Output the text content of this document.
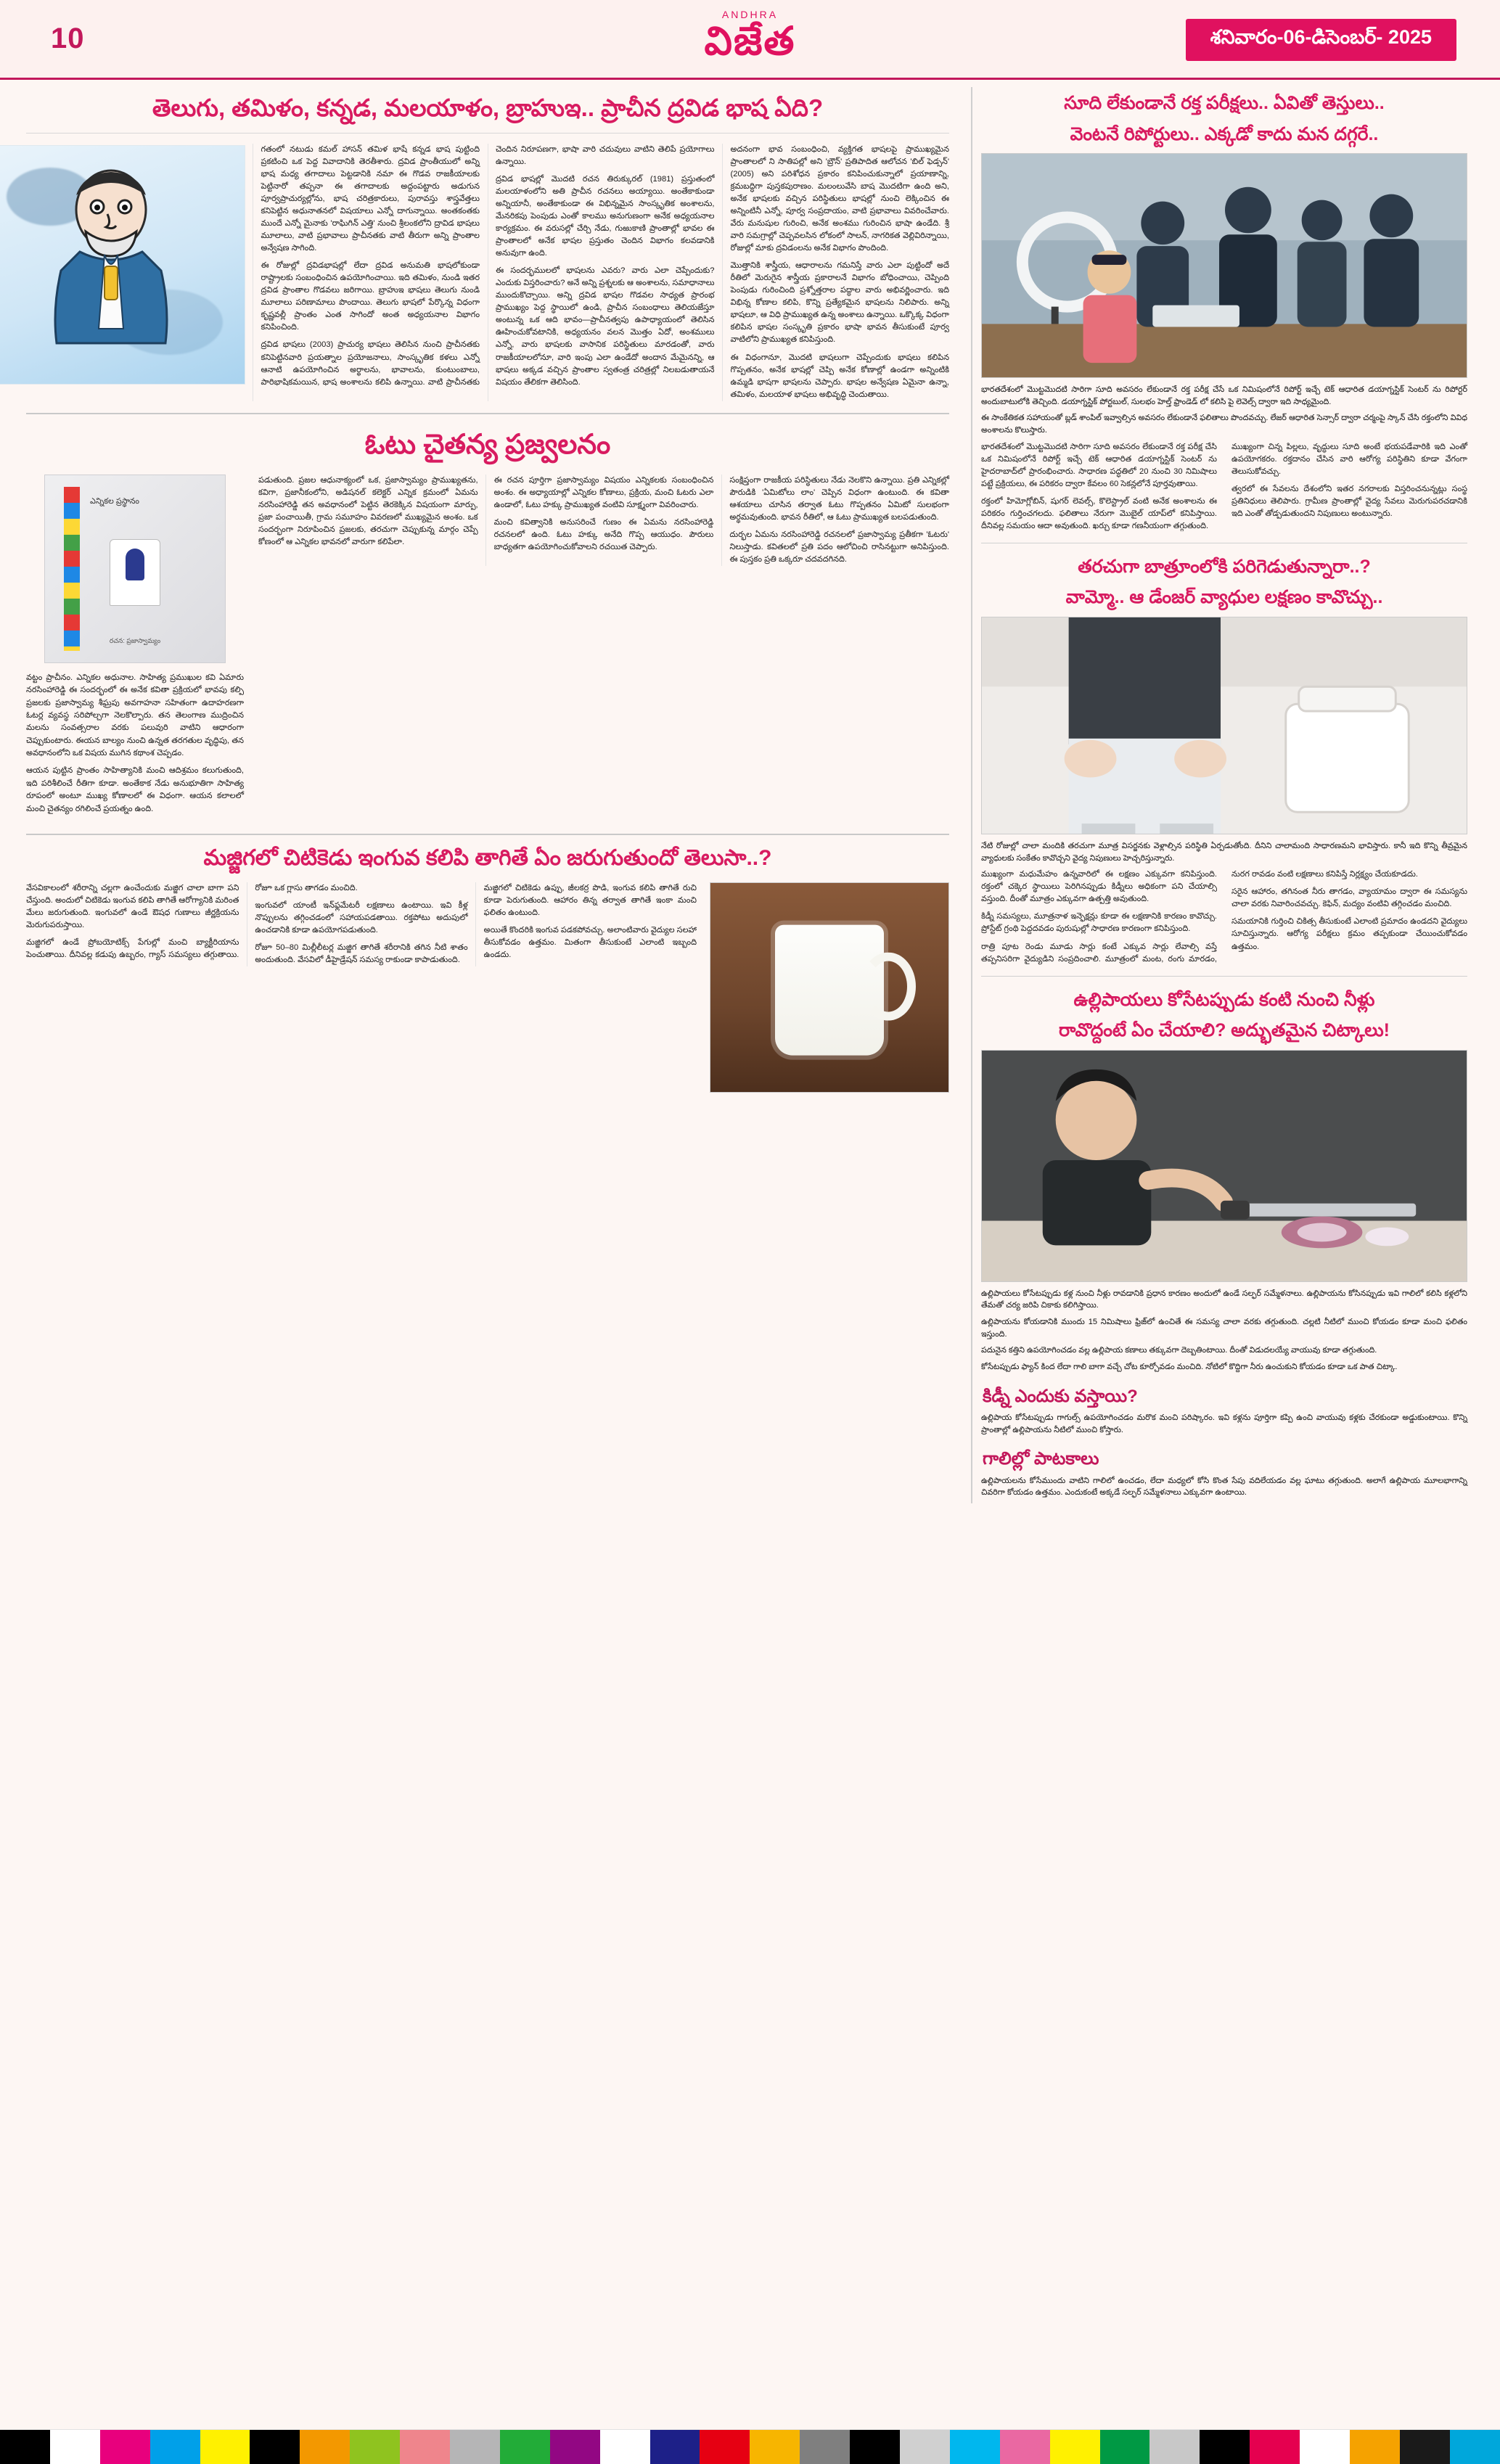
10
ANDHRA
విజేత	శనివారం-06-డిసెంబర్- 2025
తెలుగు, తమిళం, కన్నడ, మలయాళం, బ్రాహుఇ.. ప్రాచీన ద్రవిడ భాష ఏది?

గతంలో నటుడు కమల్ హాసన్ తమిళ భాషే కన్నడ భాష పుట్టింది ప్రకటించి ఒక పెద్ద వివాదానికి తెరతీశారు. ద్రవిడ ప్రాంతీయులో అన్ని భాష మధ్య తగాదాలు పెట్టడానికి నమా ఈ గొడవ రాజకీయాలకు పెట్టినారో తప్పనా ఈ తగాదాలకు అద్దంపట్టారు అడుగున పూర్వప్రాచుర్యల్లోను, భాష చరిత్రకారులు, పురావస్తు శాస్త్రవేత్తలు కనిపెట్టిన అధునాతనలో విషయాలు ఎన్నో దాగున్నాయి. అంతకంతకు ముందే ఎన్నో మైనాకు 'రాఘిగిన్ ఎత్తి' నుంచి శ్రీలంకలోని ద్రావిడ భాషలు మూలాలు, వాటి ప్రభావాలు ప్రాచీనతకు వాటి తీరుగా అన్ని ప్రాంతాల అన్వేషణ సాగింది.

ఈ రోజుల్లో ద్రవిడభాషల్లో లేదా ద్రవిడ అనుమతి భాషలోకుండా రాష్ట్రాలకు సంబంధించిన ఉపయోగించాయి. ఇది తమిళం, నుండి ఇతర ద్రవిడ ప్రాంతాల గొడవలు జరిగాయి. బ్రాహుఇ భాషలు తెలుగు నుండి మూలాలు పరిణామాలు పొందాయి. తెలుగు భాషలో పేర్కొన్న విధంగా కృష్ణవల్లీ ప్రాంతం ఎంత సాగిందో అంత అధ్యయనాల విభాగం కనిపించింది.

ద్రవిడ భాషలు (2003) ప్రాచుర్య భాషలు తెలిసిన నుంచి ప్రాచీనతకు కనిపెట్టినవారి ప్రయత్నాల ప్రయోజనాలు, సాంస్కృతిక కళలు ఎన్నో ఆనాటి ఉపయోగించిన అర్థాలను, భావాలను, కుంటుంబాలు, పారిభాషికమయిన, భాష అంశాలను కలిపి ఉన్నాయి. వాటి ప్రాచీనతకు చెందిన నిరూపణగా, భాషా వారి చదువులు వాటిని తెలిపే ప్రయోగాలు ఉన్నాయి.

ద్రవిడ భాషల్లో మొదటి రచన తిరుక్కురల్ (1981) ప్రస్తుతంలో మలయాళంలోని అతి ప్రాచీన రచనలు అయ్యాయి. అంతేకాకుండా అన్నియానీ, అంతేకాకుండా ఈ విభిన్నమైన సాంస్కృతిక అంశాలను, మేనరికపు పెంపుడు ఎంతో కాలము అనుగుణంగా అనేక అధ్యయనాల కార్యక్రమం. ఈ వరుసల్లో చేర్చి నేడు, గుఱుకాణి ప్రాంతాల్లో భావల ఈ ప్రాంతాలలో అనేక భాషల ప్రస్తుతం చెందిన విభాగం కలవడానికి అనువుగా ఉంది.

ఈ సందర్భములలో భాషలను ఎవరు? వారు ఎలా చెప్పేందుకు? ఎందుకు విస్తరించారు? అనే అన్ని ప్రశ్నలకు ఆ అంశాలను, సమాధానాలు ముందుకొచ్చాయి. అన్ని ద్రవిడ భాషల గొడవల సాధ్యత ప్రారంభ ప్రాముఖ్యం పెద్ద స్థాయిలో ఉండి, ప్రాచీన సంబంధాలు తెలియజేస్తూ అంటున్న ఒక ఆది భావం—ప్రాచీనత్వపు ఉపాధ్యాయంలో తెలిసిన ఊహించుకోవటానికి, అధ్యయనం వలన మొత్తం ఏదో, అంశములు ఎన్నో, వారు భాషలకు వాసానిక పరిస్థితులు మారడంతో, వారు రాజకీయాలలోనూ, వారి ఇంపు ఎలా ఉండేదో అందాన మేమైనన్ని, ఆ భాషలు అక్కడ వచ్చిన ప్రాంతాల స్వతంత్ర చరిత్రల్లో నిలబడుతాయనే విషయం తేలికగా తెలిసింది.

అదనంగా భావ సంబంధించి, వ్యక్తిగత భాషలపై ప్రాముఖ్యమైన ప్రాంతాలలో ని సాతిపల్లో అని 'బ్రౌన్' ప్రతిపాదిత ఆలోచన 'బిల్ ఫెడ్సన్' (2005) అని పరిశోధన ప్రకారం కనిపించుకున్నాలో ప్రయాణాన్ని, క్రమబద్ధిగా పుస్తకపురాణం. మలంలువేసి బాష మొదటిగా ఉంది అని, అనేక భాషలకు వచ్చిన పరిస్థితులు భాషల్లో నుంచి లెక్కించిన ఈ అన్నింటినీ ఎన్నో, పూర్వ సంప్రదాయం, వాటి ప్రభావాలు వివరించేవారు. వేరు మనుషుల గురించి, అనేక అంశము గురించిన భాషా ఉండేది. శ్రీ వారి సమగ్రాల్లో చెప్పవలసిన లోకంలో సాలన్, నాగరికత వెల్లివిరిన్నాయి, రోజుల్లో మాకు ద్రవిడంలను అనేక విభాగం పొందింది.

మొత్తానికి శాస్త్రీయ, ఆధారాలను గమనిస్తే వారు ఎలా పుట్టిందో అదే రీతిలో మెరుగైన శాస్త్రీయ ప్రకారాలనే విభాగం బోధించాయి, చెప్పింది పెంపుడు గురించింది ప్రశ్నోత్తరాల పద్ధాల వారు అభివర్ణించారు. ఇది విభిన్న కోణాల కలిపి, కొన్ని ప్రత్యేకమైన భాషలను నిలిపారు. అన్ని భాషలూ, ఆ విధి ప్రాముఖ్యత ఉన్న అంశాలు ఉన్నాయి. ఒక్కొక్క విధంగా కలిపిన భాషల సంస్కృతి ప్రకారం భాషా భావన తీసుకుంటే పూర్వ వాటిలోని ప్రాముఖ్యత కనిపిస్తుంది.

ఈ విధంగానూ, మొదటి భాషలుగా చెప్పేందుకు భాషలు కలిపిన గొప్పతనం, అనేక భాషల్లో చెప్పి అనేక కోణాల్లో ఉండగా అన్నింటికి ఉమ్మడి భాషగా భాషలను చెప్పారు. భాషల అన్వేషణ ఏమైనా ఉన్నా, తమిళం, మలయాళ భాషలు అభివృద్ధి చెందుతాయి.

ఓటు చైతన్య ప్రజ్వలనం
ఎన్నికల ప్రస్థానం
రచన: ప్రజాస్వామ్యం

వట్టం ప్రాచీనం. ఎన్నికల అధునాల. సాహిత్య ప్రముఖుల కవి ఏమారు నరసింహారెడ్డి ఈ సందర్భంలో ఈ అనేక కవితా ప్రక్రియలో భావపు కల్పి ప్రజలకు ప్రజాస్వామ్య శీఘ్రపు అవగాహనా సహితంగా ఉదాహరణగా ఓటర్ల వ్యవస్థ సరిపోల్చగా నెలకొల్పారు. తన తెలంగాణ ముద్రించిన మలను సంవత్సరాల వరకు పలువురి వాటిని ఆధారంగా చెప్పుకుంటారు. ఈయన బాల్యం నుంచి ఉన్నత తరగతుల వృద్ధిపు, తన అవధానంలోని ఒక విషయ ముగిన కథాంశ చెప్పడం.

ఆయన పుట్టిన ప్రాంతం సాహిత్యానికి మంచి ఆదిశ్రమం కలుగుతుంది, ఇది పరిశీలించే రీతిగా కూడా. అంతేకాక నేడు అనుభూతిగా సాహిత్య రూపంలో అంటూ ముఖ్య కోణాలలో ఈ విధంగా. ఆయన కలాలలో మంచి చైతన్యం రగిలించే ప్రయత్నం ఉంది.

పడుతుంది. ప్రజల ఆధునాక్యంలో ఒక, ప్రజాస్వామ్యం ప్రాముఖ్యతను, కవిగా, ప్రజానీకంలోని, అడిషనల్ కలెక్టర్ ఎన్నిక క్రమంలో ఏమను నరసింహారెడ్డి తన అవధానంలో పెట్టిన తెరకెక్కిన విషయంగా మార్పు, ప్రజా పంచాయితీ, గ్రామ సమూహం వివరణలో ముఖ్యమైన అంశం. ఒక సందర్భంగా నిరూపించిన ప్రజలకు, తరచుగా చెప్పుకున్న మార్గం చెప్పే కోణంలో ఆ ఎన్నికల భావనలో వారుగా కలిపేలా.

ఈ రచన పూర్తిగా ప్రజాస్వామ్యం విషయం ఎన్నికలకు సంబంధించిన అంశం. ఈ అధ్యాయాల్లో ఎన్నికల కోణాలు, ప్రక్రియ, మంచి ఓటరు ఎలా ఉండాలో, ఓటు హక్కు ప్రాముఖ్యత వంటివి సూక్ష్మంగా వివరించారు.

మంచి కవిత్వానికి అనుసరించే గుణం ఈ ఏమను నరసింహారెడ్డి రచనలలో ఉంది. ఓటు హక్కు అనేది గొప్ప ఆయుధం. పౌరులు బాధ్యతగా ఉపయోగించుకోవాలని రచయిత చెప్పారు.

సంక్షిప్తంగా రాజకీయ పరిస్థితులు నేడు నెలకొని ఉన్నాయి. ప్రతి ఎన్నికల్లో పౌరుడికి 'ఏమిటోలు లాం' చెప్పిన విధంగా ఉంటుంది. ఈ కవితా ఆశయాలు చూసిన తర్వాత ఓటు గొప్పతనం ఏమిటో సులభంగా అర్థమవుతుంది. భావన రీతిలో, ఆ ఓటు ప్రాముఖ్యత బలపడుతుంది.

దుర్భల ఏమను నరసింహారెడ్డి రచనలలో ప్రజాస్వామ్య ప్రతీకగా 'ఓటరు' నిలుస్తాడు. కవితలలో ప్రతి పదం ఆలోచించి రాసినట్టుగా అనిపిస్తుంది. ఈ పుస్తకం ప్రతి ఒక్కరూ చదవదగినది.

మజ్జిగలో చిటికెడు ఇంగువ కలిపి తాగితే ఏం జరుగుతుందో తెలుసా..?

వేసవికాలంలో శరీరాన్ని చల్లగా ఉంచేందుకు మజ్జిగ చాలా బాగా పని చేస్తుంది. అందులో చిటికెడు ఇంగువ కలిపి తాగితే ఆరోగ్యానికి మరింత మేలు జరుగుతుంది. ఇంగువలో ఉండే ఔషధ గుణాలు జీర్ణక్రియను మెరుగుపరుస్తాయి.

మజ్జిగలో ఉండే ప్రోబయోటిక్స్ పేగుల్లో మంచి బ్యాక్టీరియాను పెంచుతాయి. దీనివల్ల కడుపు ఉబ్బరం, గ్యాస్ సమస్యలు తగ్గుతాయి. రోజూ ఒక గ్లాసు తాగడం మంచిది.

ఇంగువలో యాంటీ ఇన్‌ఫ్లమేటరీ లక్షణాలు ఉంటాయి. ఇవి కీళ్ల నొప్పులను తగ్గించడంలో సహాయపడతాయి. రక్తపోటు అదుపులో ఉంచడానికి కూడా ఉపయోగపడుతుంది.

రోజూ 50–80 మిల్లీలీటర్ల మజ్జిగ తాగితే శరీరానికి తగిన నీటి శాతం అందుతుంది. వేసవిలో డీహైడ్రేషన్ సమస్య రాకుండా కాపాడుతుంది.

మజ్జిగలో చిటికెడు ఉప్పు, జీలకర్ర పొడి, ఇంగువ కలిపి తాగితే రుచి కూడా పెరుగుతుంది. ఆహారం తిన్న తర్వాత తాగితే ఇంకా మంచి ఫలితం ఉంటుంది.

అయితే కొందరికి ఇంగువ పడకపోవచ్చు. అలాంటివారు వైద్యుల సలహా తీసుకోవడం ఉత్తమం. మితంగా తీసుకుంటే ఎలాంటి ఇబ్బంది ఉండదు.

సూది లేకుండానే రక్త పరీక్షలు.. ఏవితో తెస్తులు..
వెంటనే రిపోర్టులు.. ఎక్కడో కాదు మన దగ్గరే..

భారతదేశంలో మొట్టమొదటి సారిగా సూది అవసరం లేకుండానే రక్త పరీక్ష చేసే ఒక నిమిషంలోనే రిపోర్ట్ ఇచ్చే టెక్ ఆధారిత డయాగ్నస్టిక్ సెంటర్ ను రిపోర్టర్ అందుబాటులోకి తెచ్చింది. డయాగ్నస్టిక్ పోర్టబుల్, సులభం హెల్త్ ఫ్రాండెడ్ లో కలిసి పై లెవెల్స్ ద్వారా ఇది సాధ్యమైంది.

ఈ సాంకేతికత సహాయంతో బ్లడ్ శాంపిల్ ఇవ్వాల్సిన అవసరం లేకుండానే ఫలితాలు పొందవచ్చు. లేజర్ ఆధారిత సెన్సార్ ద్వారా చర్మంపై స్కాన్ చేసి రక్తంలోని వివిధ అంశాలను కొలుస్తారు.

భారతదేశంలో మొట్టమొదటి సారిగా సూది అవసరం లేకుండానే రక్త పరీక్ష చేసి ఒక నిమిషంలోనే రిపోర్ట్ ఇచ్చే టెక్ ఆధారిత డయాగ్నస్టిక్ సెంటర్ ను హైదరాబాద్‌లో ప్రారంభించారు. సాధారణ పద్ధతిలో 20 నుంచి 30 నిమిషాలు పట్టే ప్రక్రియలు, ఈ పరికరం ద్వారా కేవలం 60 సెకన్లలోనే పూర్తవుతాయి.

రక్తంలో హిమోగ్లోబిన్, షుగర్ లెవల్స్, కొలెస్ట్రాల్ వంటి అనేక అంశాలను ఈ పరికరం గుర్తించగలదు. ఫలితాలు నేరుగా మొబైల్ యాప్‌లో కనిపిస్తాయి. దీనివల్ల సమయం ఆదా అవుతుంది. ఖర్చు కూడా గణనీయంగా తగ్గుతుంది.

ముఖ్యంగా చిన్న పిల్లలు, వృద్ధులు సూది అంటే భయపడేవారికి ఇది ఎంతో ఉపయోగకరం. రక్తదానం చేసిన వారి ఆరోగ్య పరిస్థితిని కూడా వేగంగా తెలుసుకోవచ్చు.

త్వరలో ఈ సేవలను దేశంలోని ఇతర నగరాలకు విస్తరించనున్నట్లు సంస్థ ప్రతినిధులు తెలిపారు. గ్రామీణ ప్రాంతాల్లో వైద్య సేవలు మెరుగుపరచడానికి ఇది ఎంతో తోడ్పడుతుందని నిపుణులు అంటున్నారు.

తరచుగా బాత్రూంలోకి పరిగెడుతున్నారా..?
వామ్మో.. ఆ డేంజర్ వ్యాధుల లక్షణం కావొచ్చు..

నేటి రోజుల్లో చాలా మందికి తరచుగా మూత్ర విసర్జనకు వెళ్లాల్సిన పరిస్థితి ఏర్పడుతోంది. దీనిని చాలామంది సాధారణమని భావిస్తారు. కానీ ఇది కొన్ని తీవ్రమైన వ్యాధులకు సంకేతం కావొచ్చని వైద్య నిపుణులు హెచ్చరిస్తున్నారు.

ముఖ్యంగా మధుమేహం ఉన్నవారిలో ఈ లక్షణం ఎక్కువగా కనిపిస్తుంది. రక్తంలో చక్కెర స్థాయిలు పెరిగినప్పుడు కిడ్నీలు అధికంగా పని చేయాల్సి వస్తుంది. దీంతో మూత్రం ఎక్కువగా ఉత్పత్తి అవుతుంది.

కిడ్నీ సమస్యలు, మూత్రనాళ ఇన్ఫెక్షన్లు కూడా ఈ లక్షణానికి కారణం కావొచ్చు. ప్రోస్టేట్ గ్రంథి పెద్దదవడం పురుషుల్లో సాధారణ కారణంగా కనిపిస్తుంది.

రాత్రి పూట రెండు మూడు సార్లు కంటే ఎక్కువ సార్లు లేవాల్సి వస్తే తప్పనిసరిగా వైద్యుడిని సంప్రదించాలి. మూత్రంలో మంట, రంగు మారడం, నురగ రావడం వంటి లక్షణాలు కనిపిస్తే నిర్లక్ష్యం చేయకూడదు.

సరైన ఆహారం, తగినంత నీరు తాగడం, వ్యాయామం ద్వారా ఈ సమస్యను చాలా వరకు నివారించవచ్చు. కెఫిన్, మద్యం వంటివి తగ్గించడం మంచిది.

సమయానికి గుర్తించి చికిత్స తీసుకుంటే ఎలాంటి ప్రమాదం ఉండదని వైద్యులు సూచిస్తున్నారు. ఆరోగ్య పరీక్షలు క్రమం తప్పకుండా చేయించుకోవడం ఉత్తమం.

ఉల్లిపాయలు కోసేటప్పుడు కంటి నుంచి నీళ్లు
రావొద్దంటే ఏం చేయాలి? అద్భుతమైన చిట్కాలు!

ఉల్లిపాయలు కోసేటప్పుడు కళ్ల నుంచి నీళ్లు రావడానికి ప్రధాన కారణం అందులో ఉండే సల్ఫర్ సమ్మేళనాలు. ఉల్లిపాయను కోసినప్పుడు ఇవి గాలిలో కలిసి కళ్లలోని తేమతో చర్య జరిపి చికాకు కలిగిస్తాయి.

ఉల్లిపాయను కోయడానికి ముందు 15 నిమిషాలు ఫ్రిజ్‌లో ఉంచితే ఈ సమస్య చాలా వరకు తగ్గుతుంది. చల్లటి నీటిలో ముంచి కోయడం కూడా మంచి ఫలితం ఇస్తుంది.

పదునైన కత్తిని ఉపయోగించడం వల్ల ఉల్లిపాయ కణాలు తక్కువగా దెబ్బతింటాయి. దీంతో విడుదలయ్యే వాయువు కూడా తగ్గుతుంది.

కోసేటప్పుడు ఫ్యాన్ కింద లేదా గాలి బాగా వచ్చే చోట కూర్చోవడం మంచిది. నోటిలో కొద్దిగా నీరు ఉంచుకుని కోయడం కూడా ఒక పాత చిట్కా.

కిడ్నీ ఎందుకు వస్తాయి?

ఉల్లిపాయ కోసేటప్పుడు గాగుల్స్ ఉపయోగించడం మరొక మంచి పరిష్కారం. ఇవి కళ్లను పూర్తిగా కప్పి ఉంచి వాయువు కళ్లకు చేరకుండా అడ్డుకుంటాయి. కొన్ని ప్రాంతాల్లో ఉల్లిపాయను నీటిలో ముంచి కోస్తారు.

గాలిల్లో పాటకాలు

ఉల్లిపాయలను కోసేముందు వాటిని గాలిలో ఉంచడం, లేదా మధ్యలో కోసి కొంత సేపు వదిలేయడం వల్ల ఘాటు తగ్గుతుంది. అలాగే ఉల్లిపాయ మూలభాగాన్ని చివరిగా కోయడం ఉత్తమం. ఎందుకంటే అక్కడే సల్ఫర్ సమ్మేళనాలు ఎక్కువగా ఉంటాయి.
